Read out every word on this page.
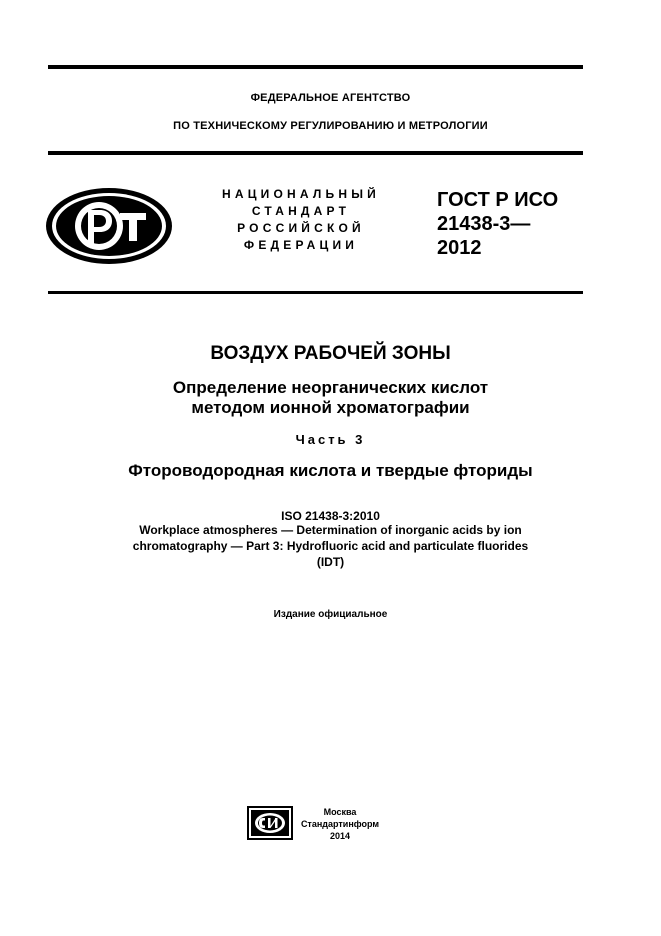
ФЕДЕРАЛЬНОЕ АГЕНТСТВО
ПО ТЕХНИЧЕСКОМУ РЕГУЛИРОВАНИЮ И МЕТРОЛОГИИ
НАЦИОНАЛЬНЫЙ
СТАНДАРТ
РОССИЙСКОЙ
ФЕДЕРАЦИИ
ГОСТ Р ИСО
21438-3—
2012
ВОЗДУХ РАБОЧЕЙ ЗОНЫ
Определение неорганических кислот
методом ионной хроматографии
Часть 3
Фтороводородная кислота и твердые фториды
ISO 21438-3:2010
Workplace atmospheres — Determination of inorganic acids by ion
chromatography — Part 3: Hydrofluoric acid and particulate fluorides
(IDT)
Издание официальное
Москва
Стандартинформ
2014
